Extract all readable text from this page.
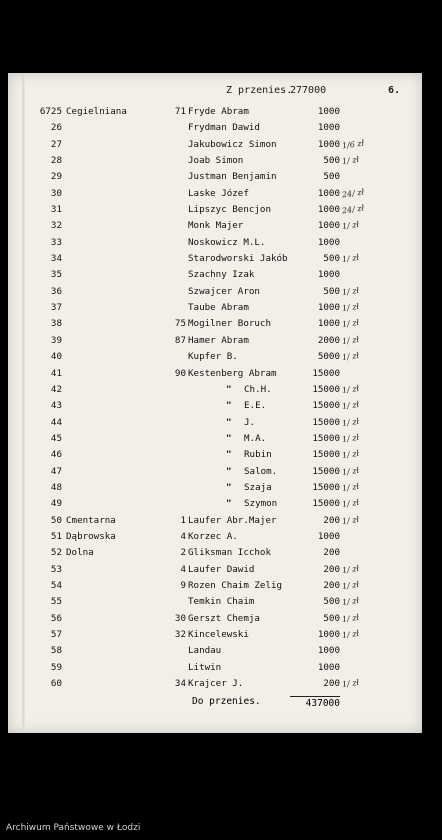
Z przenies.
277000	6.
6725 Cegielniana	71 Fryde Abram	1000
26	Frydman Dawid	1000
27	Jakubowicz Simon	1000 1/6 zł
28	Joab Simon	500 1/ zł
29	Justman Benjamin	500
30	Laske Józef	1000 24/ zł
31	Lipszyc Bencjon	1000 24/ zł
32	Monk Majer	1000 1/ zł
33	Noskowicz M.L.	1000
34	Starodworski Jakób	500 1/ zł
35	Szachny Izak	1000
36	Szwajcer Aron	500 1/ zł
37	Taube Abram	1000 1/ zł
38	75 Mogilner Boruch	1000 1/ zł
39	87 Hamer Abram	2000 1/ zł
40	Kupfer B.	5000 1/ zł
41	90 Kestenberg Abram	15000
42	" Ch.H.	15000 1/ zł
43	" E.E.	15000 1/ zł
44	" J.	15000 1/ zł
45	" M.A.	15000 1/ zł
46	" Rubin	15000 1/ zł
47	" Salom.	15000 1/ zł
48	" Szaja	15000 1/ zł
49	" Szymon	15000 1/ zł
50 Cmentarna	1 Laufer Abr.Majer	200 1/ zł
51 Dąbrowska	4 Korzec A.	1000
52 Dolna	2 Gliksman Icchok	200
53	4 Laufer Dawid	200 1/ zł
54	9 Rozen Chaim Zelig	200 1/ zł
55	Temkin Chaim	500 1/ zł
56	30 Gerszt Chemja	500 1/ zł
57	32 Kincelewski	1000 1/ zł
58	Landau	1000
59	Litwin	1000
60	34 Krajcer J.	200 1/ zł
Do przenies.	437000
Archiwum Państwowe w Łodzi
